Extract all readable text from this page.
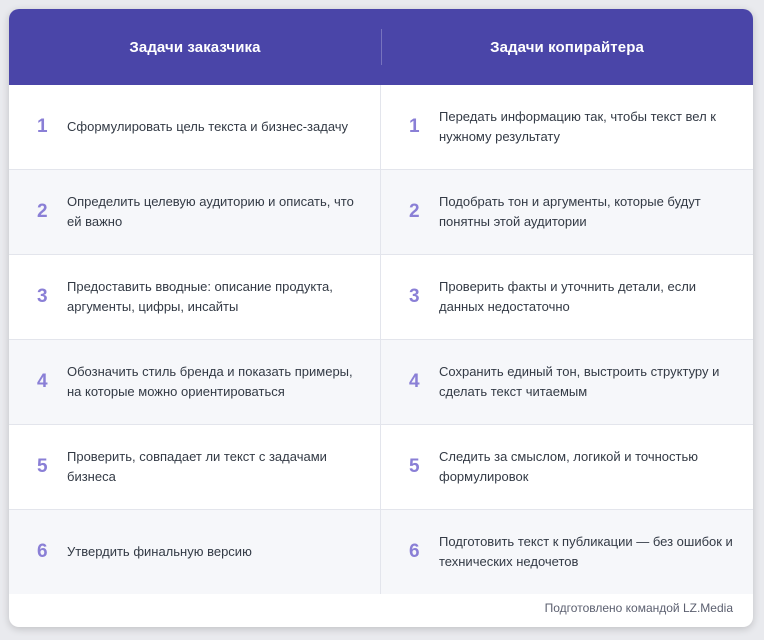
Задачи заказчика	Задачи копирайтера
1	Сформулировать цель текста и бизнес-задачу	1	Передать информацию так, чтобы текст вел к нужному результату
2	Определить целевую аудиторию и описать, что ей важно	2	Подобрать тон и аргументы, которые будут понятны этой аудитории
3	Предоставить вводные: описание продукта, аргументы, цифры, инсайты	3	Проверить факты и уточнить детали, если данных недостаточно
4	Обозначить стиль бренда и показать примеры, на которые можно ориентироваться	4	Сохранить единый тон, выстроить структуру и сделать текст читаемым
5	Проверить, совпадает ли текст с задачами бизнеса	5	Следить за смыслом, логикой и точностью формулировок
6	Утвердить финальную версию	6	Подготовить текст к публикации — без ошибок и технических недочетов
Подготовлено командой LZ.Media
